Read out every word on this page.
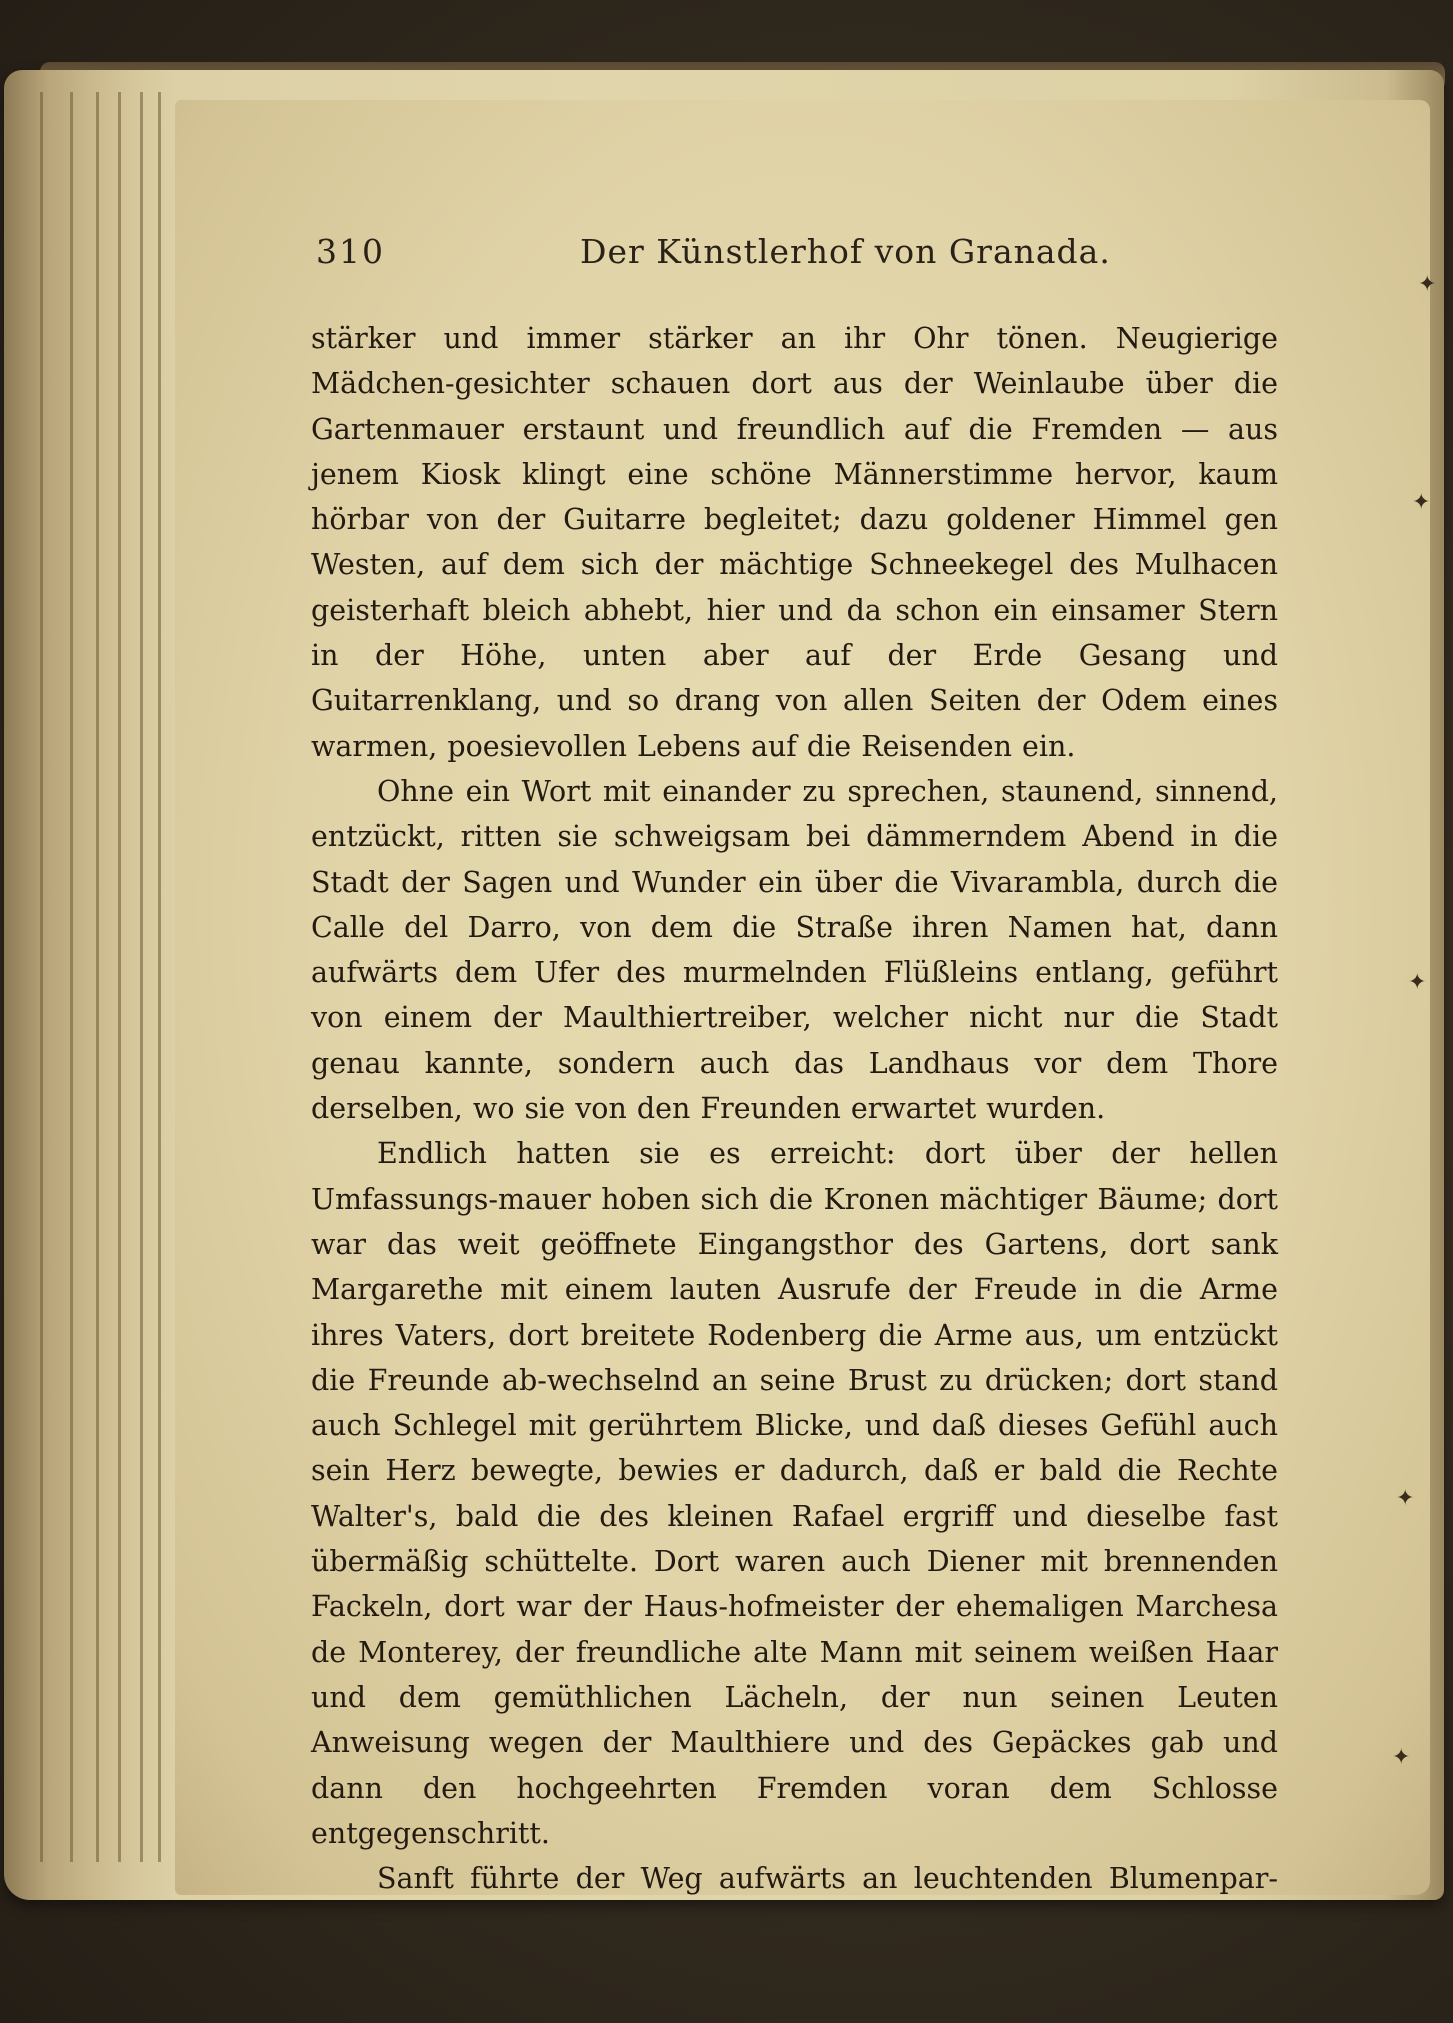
310	Der Künstlerhof von Granada.

stärker und immer stärker an ihr Ohr tönen. Neugierige Mädchen-gesichter schauen dort aus der Weinlaube über die Gartenmauer erstaunt und freundlich auf die Fremden — aus jenem Kiosk klingt eine schöne Männerstimme hervor, kaum hörbar von der Guitarre begleitet; dazu goldener Himmel gen Westen, auf dem sich der mächtige Schneekegel des Mulhacen geisterhaft bleich abhebt, hier und da schon ein einsamer Stern in der Höhe, unten aber auf der Erde Gesang und Guitarrenklang, und so drang von allen Seiten der Odem eines warmen, poesievollen Lebens auf die Reisenden ein.

Ohne ein Wort mit einander zu sprechen, staunend, sinnend, entzückt, ritten sie schweigsam bei dämmerndem Abend in die Stadt der Sagen und Wunder ein über die Vivarambla, durch die Calle del Darro, von dem die Straße ihren Namen hat, dann aufwärts dem Ufer des murmelnden Flüßleins entlang, geführt von einem der Maulthiertreiber, welcher nicht nur die Stadt genau kannte, sondern auch das Landhaus vor dem Thore derselben, wo sie von den Freunden erwartet wurden.

Endlich hatten sie es erreicht: dort über der hellen Umfassungs-mauer hoben sich die Kronen mächtiger Bäume; dort war das weit geöffnete Eingangsthor des Gartens, dort sank Margarethe mit einem lauten Ausrufe der Freude in die Arme ihres Vaters, dort breitete Rodenberg die Arme aus, um entzückt die Freunde ab-wechselnd an seine Brust zu drücken; dort stand auch Schlegel mit gerührtem Blicke, und daß dieses Gefühl auch sein Herz bewegte, bewies er dadurch, daß er bald die Rechte Walter's, bald die des kleinen Rafael ergriff und dieselbe fast übermäßig schüttelte. Dort waren auch Diener mit brennenden Fackeln, dort war der Haus-hofmeister der ehemaligen Marchesa de Monterey, der freundliche alte Mann mit seinem weißen Haar und dem gemüthlichen Lächeln, der nun seinen Leuten Anweisung wegen der Maulthiere und des Gepäckes gab und dann den hochgeehrten Fremden voran dem Schlosse entgegenschritt.

Sanft führte der Weg aufwärts an leuchtenden Blumenpar-

✦
✦
✦
✦
✦
